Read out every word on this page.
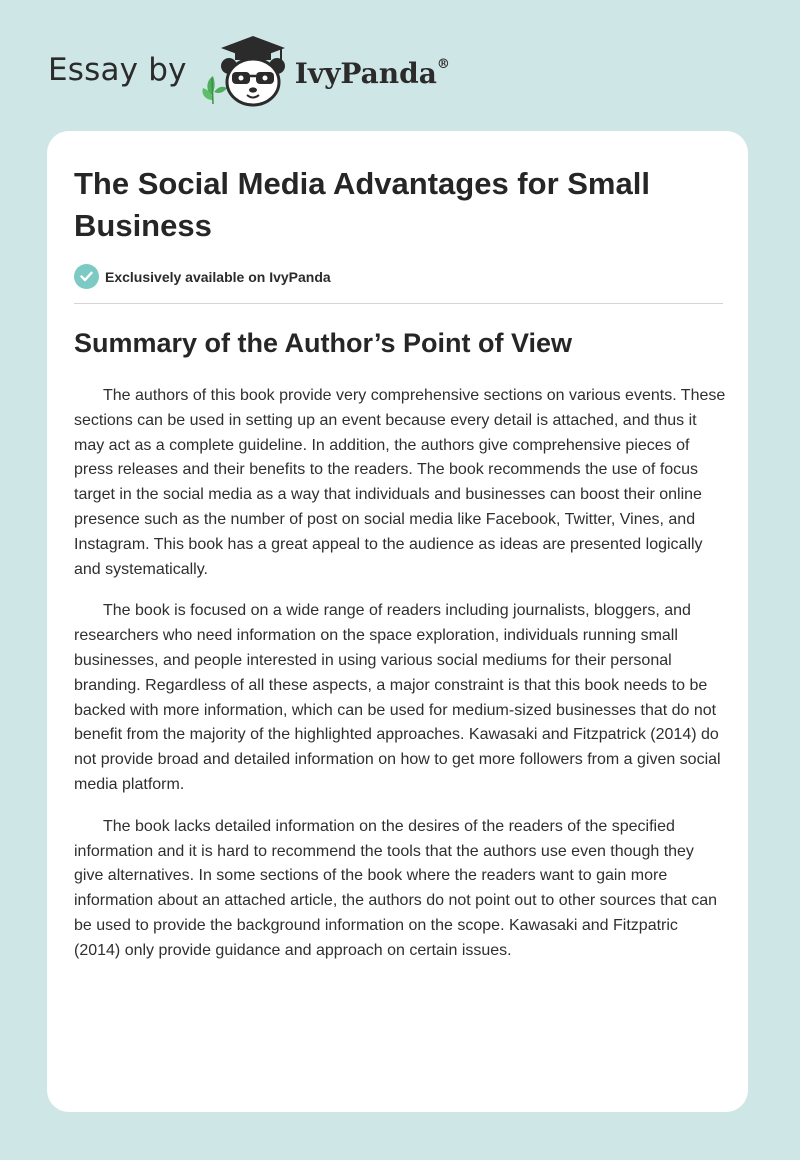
Essay by	IvyPanda®
The Social Media Advantages for Small Business
Exclusively available on IvyPanda
Summary of the Author’s Point of View

The authors of this book provide very comprehensive sections on various events. These sections can be used in setting up an event because every detail is attached, and thus it may act as a complete guideline. In addition, the authors give comprehensive pieces of press releases and their benefits to the readers. The book recommends the use of focus target in the social media as a way that individuals and businesses can boost their online presence such as the number of post on social media like Facebook, Twitter, Vines, and Instagram. This book has a great appeal to the audience as ideas are presented logically and systematically.

The book is focused on a wide range of readers including journalists, bloggers, and researchers who need information on the space exploration, individuals running small businesses, and people interested in using various social mediums for their personal branding. Regardless of all these aspects, a major constraint is that this book needs to be backed with more information, which can be used for medium-sized businesses that do not benefit from the majority of the highlighted approaches. Kawasaki and Fitzpatrick (2014) do not provide broad and detailed information on how to get more followers from a given social media platform.

The book lacks detailed information on the desires of the readers of the specified information and it is hard to recommend the tools that the authors use even though they give alternatives. In some sections of the book where the readers want to gain more information about an attached article, the authors do not point out to other sources that can be used to provide the background information on the scope. Kawasaki and Fitzpatric (2014) only provide guidance and approach on certain issues.
